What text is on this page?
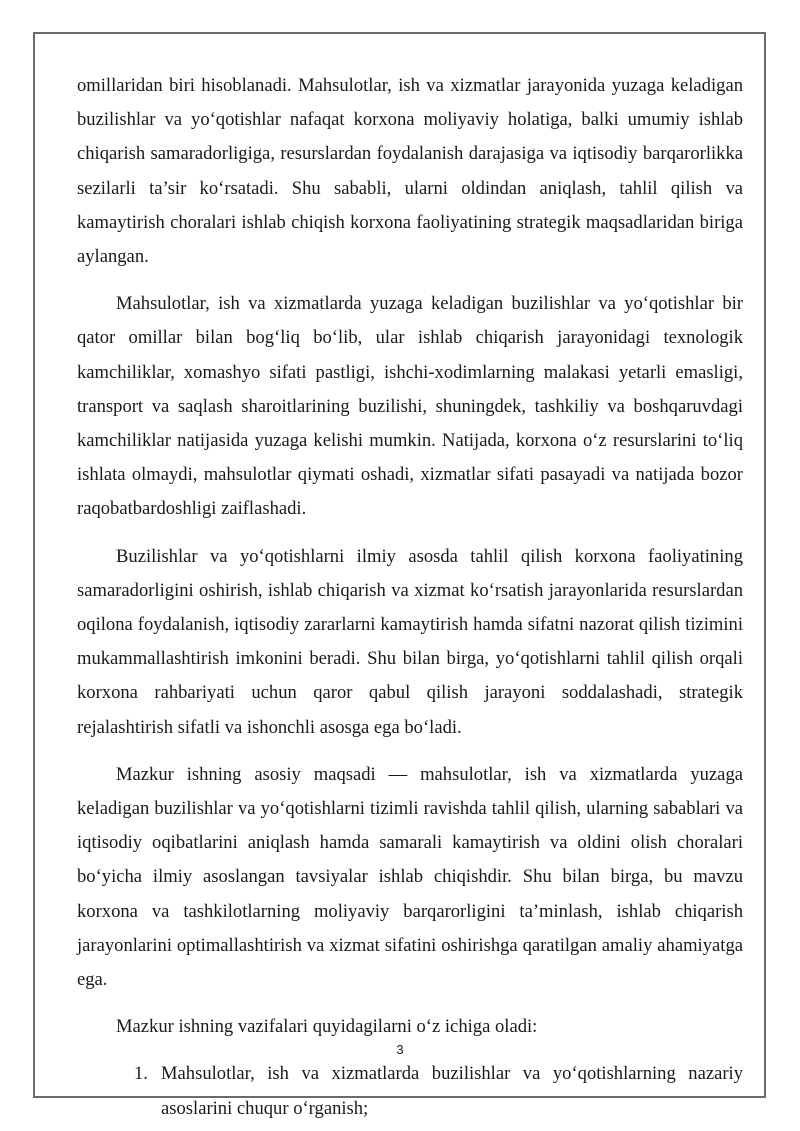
omillaridan biri hisoblanadi. Mahsulotlar, ish va xizmatlar jarayonida yuzaga keladigan buzilishlar va yo‘qotishlar nafaqat korxona moliyaviy holatiga, balki umumiy ishlab chiqarish samaradorligiga, resurslardan foydalanish darajasiga va iqtisodiy barqarorlikka sezilarli ta’sir ko‘rsatadi. Shu sababli, ularni oldindan aniqlash, tahlil qilish va kamaytirish choralari ishlab chiqish korxona faoliyatining strategik maqsadlaridan biriga aylangan.

Mahsulotlar, ish va xizmatlarda yuzaga keladigan buzilishlar va yo‘qotishlar bir qator omillar bilan bog‘liq bo‘lib, ular ishlab chiqarish jarayonidagi texnologik kamchiliklar, xomashyo sifati pastligi, ishchi-xodimlarning malakasi yetarli emasligi, transport va saqlash sharoitlarining buzilishi, shuningdek, tashkiliy va boshqaruvdagi kamchiliklar natijasida yuzaga kelishi mumkin. Natijada, korxona o‘z resurslarini to‘liq ishlata olmaydi, mahsulotlar qiymati oshadi, xizmatlar sifati pasayadi va natijada bozor raqobatbardoshligi zaiflashadi.

Buzilishlar va yo‘qotishlarni ilmiy asosda tahlil qilish korxona faoliyatining samaradorligini oshirish, ishlab chiqarish va xizmat ko‘rsatish jarayonlarida resurslardan oqilona foydalanish, iqtisodiy zararlarni kamaytirish hamda sifatni nazorat qilish tizimini mukammallashtirish imkonini beradi. Shu bilan birga, yo‘qotishlarni tahlil qilish orqali korxona rahbariyati uchun qaror qabul qilish jarayoni soddalashadi, strategik rejalashtirish sifatli va ishonchli asosga ega bo‘ladi.

Mazkur ishning asosiy maqsadi — mahsulotlar, ish va xizmatlarda yuzaga keladigan buzilishlar va yo‘qotishlarni tizimli ravishda tahlil qilish, ularning sabablari va iqtisodiy oqibatlarini aniqlash hamda samarali kamaytirish va oldini olish choralari bo‘yicha ilmiy asoslangan tavsiyalar ishlab chiqishdir. Shu bilan birga, bu mavzu korxona va tashkilotlarning moliyaviy barqarorligini ta’minlash, ishlab chiqarish jarayonlarini optimallashtirish va xizmat sifatini oshirishga qaratilgan amaliy ahamiyatga ega.

Mazkur ishning vazifalari quyidagilarni o‘z ichiga oladi:

1. Mahsulotlar, ish va xizmatlarda buzilishlar va yo‘qotishlarning nazariy asoslarini chuqur o‘rganish;
3
